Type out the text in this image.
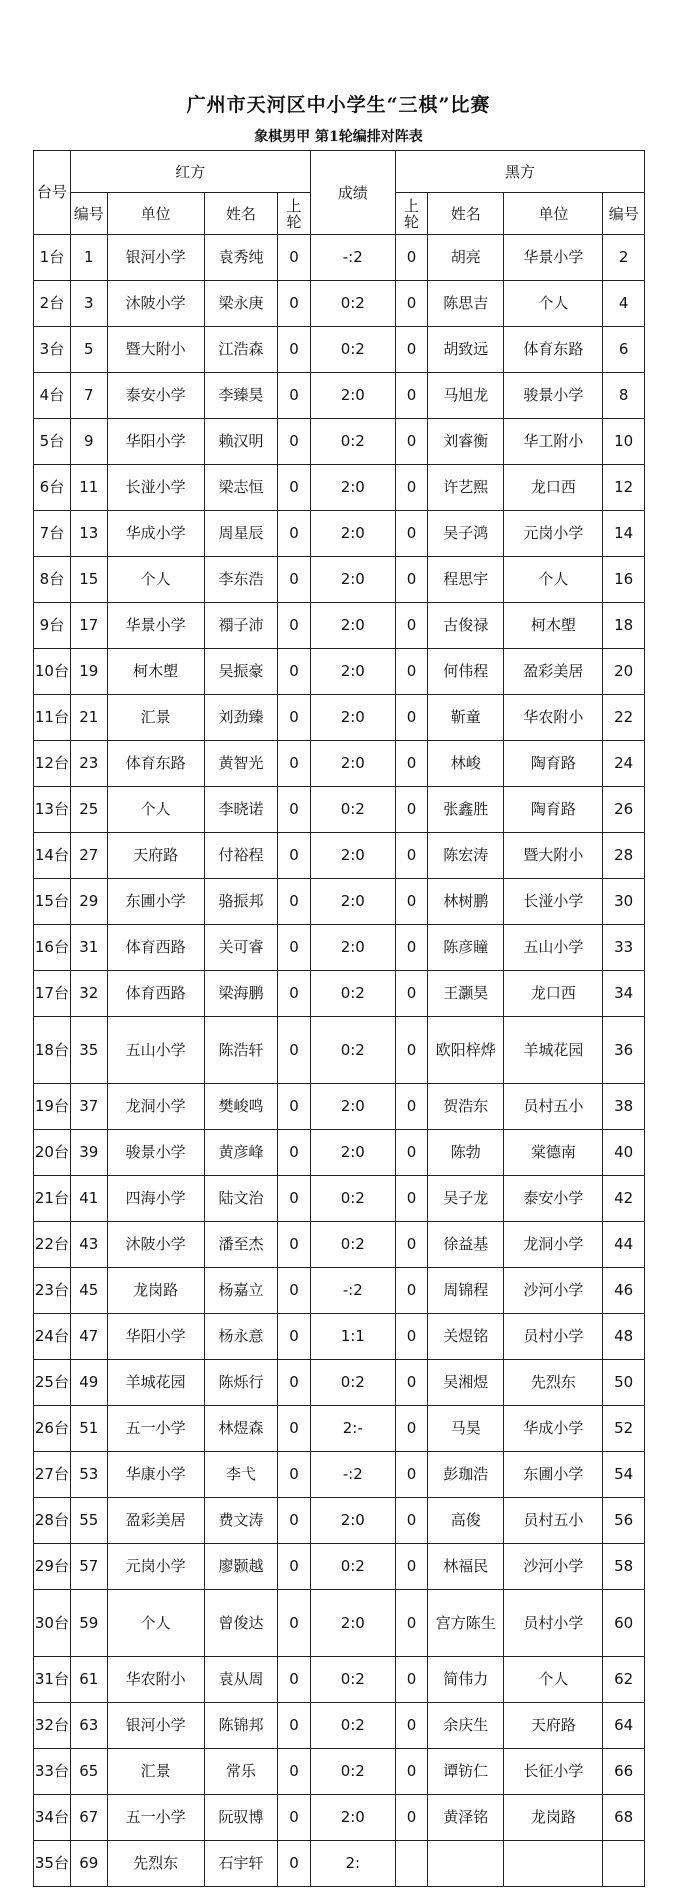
广州市天河区中小学生“三棋”比赛
象棋男甲 第1轮编排对阵表
台号	红方				成绩	黑方			
	编号	单位	姓名	上轮		上轮	姓名	单位	编号
1台	1	银河小学	袁秀纯	0	-:2	0	胡亮	华景小学	2
2台	3	沐陂小学	梁永庚	0	0:2	0	陈思吉	个人	4
3台	5	暨大附小	江浩森	0	0:2	0	胡致远	体育东路	6
4台	7	泰安小学	李臻昊	0	2:0	0	马旭龙	骏景小学	8
5台	9	华阳小学	赖汉明	0	0:2	0	刘睿衡	华工附小	10
6台	11	长湴小学	梁志恒	0	2:0	0	许艺熙	龙口西	12
7台	13	华成小学	周星辰	0	2:0	0	吴子鸿	元岗小学	14
8台	15	个人	李东浩	0	2:0	0	程思宇	个人	16
9台	17	华景小学	禤子沛	0	2:0	0	古俊禄	柯木塱	18
10台	19	柯木塱	吴振豪	0	2:0	0	何伟程	盈彩美居	20
11台	21	汇景	刘劲臻	0	2:0	0	靳童	华农附小	22
12台	23	体育东路	黄智光	0	2:0	0	林峻	陶育路	24
13台	25	个人	李晓诺	0	0:2	0	张鑫胜	陶育路	26
14台	27	天府路	付裕程	0	2:0	0	陈宏涛	暨大附小	28
15台	29	东圃小学	骆振邦	0	2:0	0	林树鹏	长湴小学	30
16台	31	体育西路	关可睿	0	2:0	0	陈彦瞳	五山小学	33
17台	32	体育西路	梁海鹏	0	0:2	0	王灏昊	龙口西	34
18台	35	五山小学	陈浩轩	0	0:2	0	欧阳梓烨	羊城花园	36
19台	37	龙洞小学	樊峻鸣	0	2:0	0	贺浩东	员村五小	38
20台	39	骏景小学	黄彦峰	0	2:0	0	陈勃	棠德南	40
21台	41	四海小学	陆文治	0	0:2	0	吴子龙	泰安小学	42
22台	43	沐陂小学	潘至杰	0	0:2	0	徐益基	龙洞小学	44
23台	45	龙岗路	杨嘉立	0	-:2	0	周锦程	沙河小学	46
24台	47	华阳小学	杨永意	0	1:1	0	关煜铭	员村小学	48
25台	49	羊城花园	陈烁行	0	0:2	0	吴湘煜	先烈东	50
26台	51	五一小学	林煜森	0	2:-	0	马昊	华成小学	52
27台	53	华康小学	李弋	0	-:2	0	彭珈浩	东圃小学	54
28台	55	盈彩美居	费文涛	0	2:0	0	高俊	员村五小	56
29台	57	元岗小学	廖颢越	0	0:2	0	林福民	沙河小学	58
30台	59	个人	曾俊达	0	2:0	0	宫方陈生	员村小学	60
31台	61	华农附小	袁从周	0	0:2	0	简伟力	个人	62
32台	63	银河小学	陈锦邦	0	0:2	0	余庆生	天府路	64
33台	65	汇景	常乐	0	0:2	0	谭钫仁	长征小学	66
34台	67	五一小学	阮驭博	0	2:0	0	黄泽铭	龙岗路	68
35台	69	先烈东	石宇轩	0	2:				
